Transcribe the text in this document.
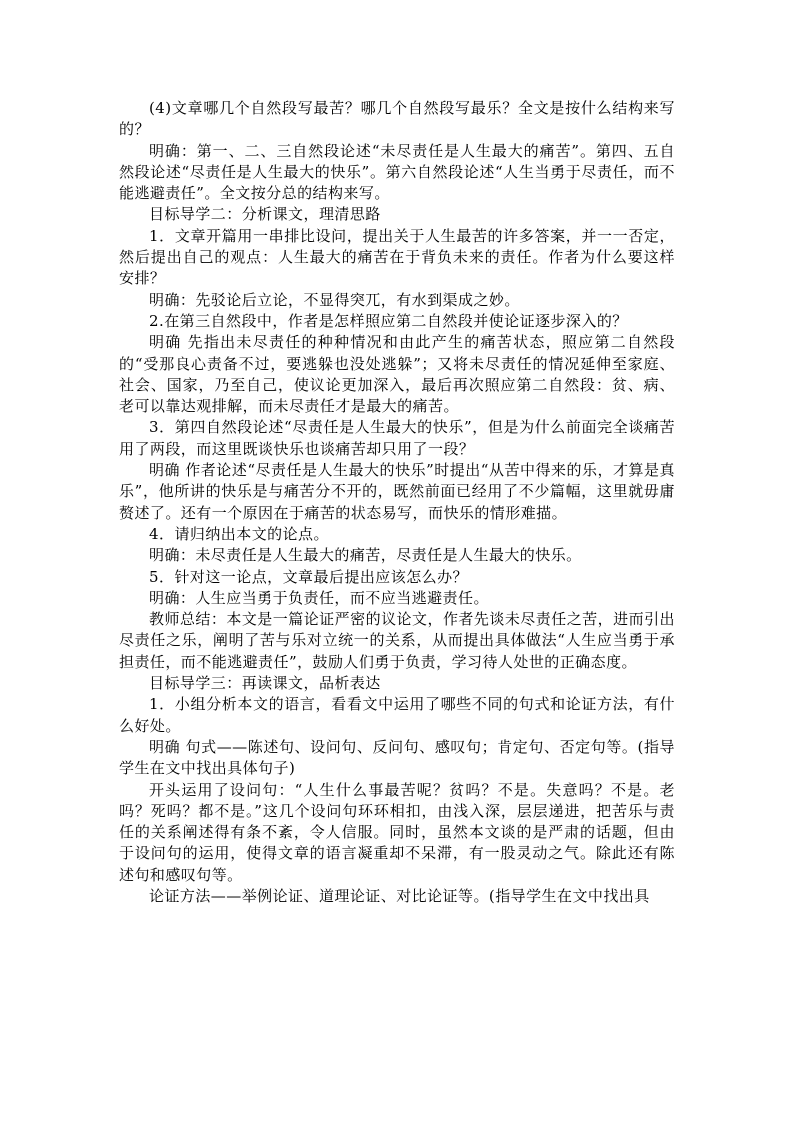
(4)文章哪几个自然段写最苦？哪几个自然段写最乐？全文是按什么结构来写的？

明确：第一、二、三自然段论述“未尽责任是人生最大的痛苦”。第四、五自然段论述“尽责任是人生最大的快乐”。第六自然段论述“人生当勇于尽责任，而不能逃避责任”。全文按分总的结构来写。

目标导学二：分析课文，理清思路

1．文章开篇用一串排比设问，提出关于人生最苦的许多答案，并一一否定，然后提出自己的观点：人生最大的痛苦在于背负未来的责任。作者为什么要这样安排？

明确：先驳论后立论，不显得突兀，有水到渠成之妙。

2.在第三自然段中，作者是怎样照应第二自然段并使论证逐步深入的？

明确 先指出未尽责任的种种情况和由此产生的痛苦状态，照应第二自然段的“受那良心责备不过，要逃躲也没处逃躲”；又将未尽责任的情况延伸至家庭、社会、国家，乃至自己，使议论更加深入，最后再次照应第二自然段：贫、病、老可以靠达观排解，而未尽责任才是最大的痛苦。

3．第四自然段论述“尽责任是人生最大的快乐”，但是为什么前面完全谈痛苦用了两段，而这里既谈快乐也谈痛苦却只用了一段？

明确 作者论述“尽责任是人生最大的快乐”时提出“从苦中得来的乐，才算是真乐”，他所讲的快乐是与痛苦分不开的，既然前面已经用了不少篇幅，这里就毋庸赘述了。还有一个原因在于痛苦的状态易写，而快乐的情形难描。

4．请归纳出本文的论点。

明确：未尽责任是人生最大的痛苦，尽责任是人生最大的快乐。

5．针对这一论点，文章最后提出应该怎么办？

明确：人生应当勇于负责任，而不应当逃避责任。

教师总结：本文是一篇论证严密的议论文，作者先谈未尽责任之苦，进而引出尽责任之乐，阐明了苦与乐对立统一的关系，从而提出具体做法“人生应当勇于承担责任，而不能逃避责任”，鼓励人们勇于负责，学习待人处世的正确态度。

目标导学三：再读课文，品析表达

1．小组分析本文的语言，看看文中运用了哪些不同的句式和论证方法，有什么好处。

明确 句式——陈述句、设问句、反问句、感叹句；肯定句、否定句等。(指导学生在文中找出具体句子)

开头运用了设问句：“人生什么事最苦呢？贫吗？不是。失意吗？不是。老吗？死吗？都不是。”这几个设问句环环相扣，由浅入深，层层递进，把苦乐与责任的关系阐述得有条不紊，令人信服。同时，虽然本文谈的是严肃的话题，但由于设问句的运用，使得文章的语言凝重却不呆滞，有一股灵动之气。除此还有陈述句和感叹句等。

论证方法——举例论证、道理论证、对比论证等。(指导学生在文中找出具
